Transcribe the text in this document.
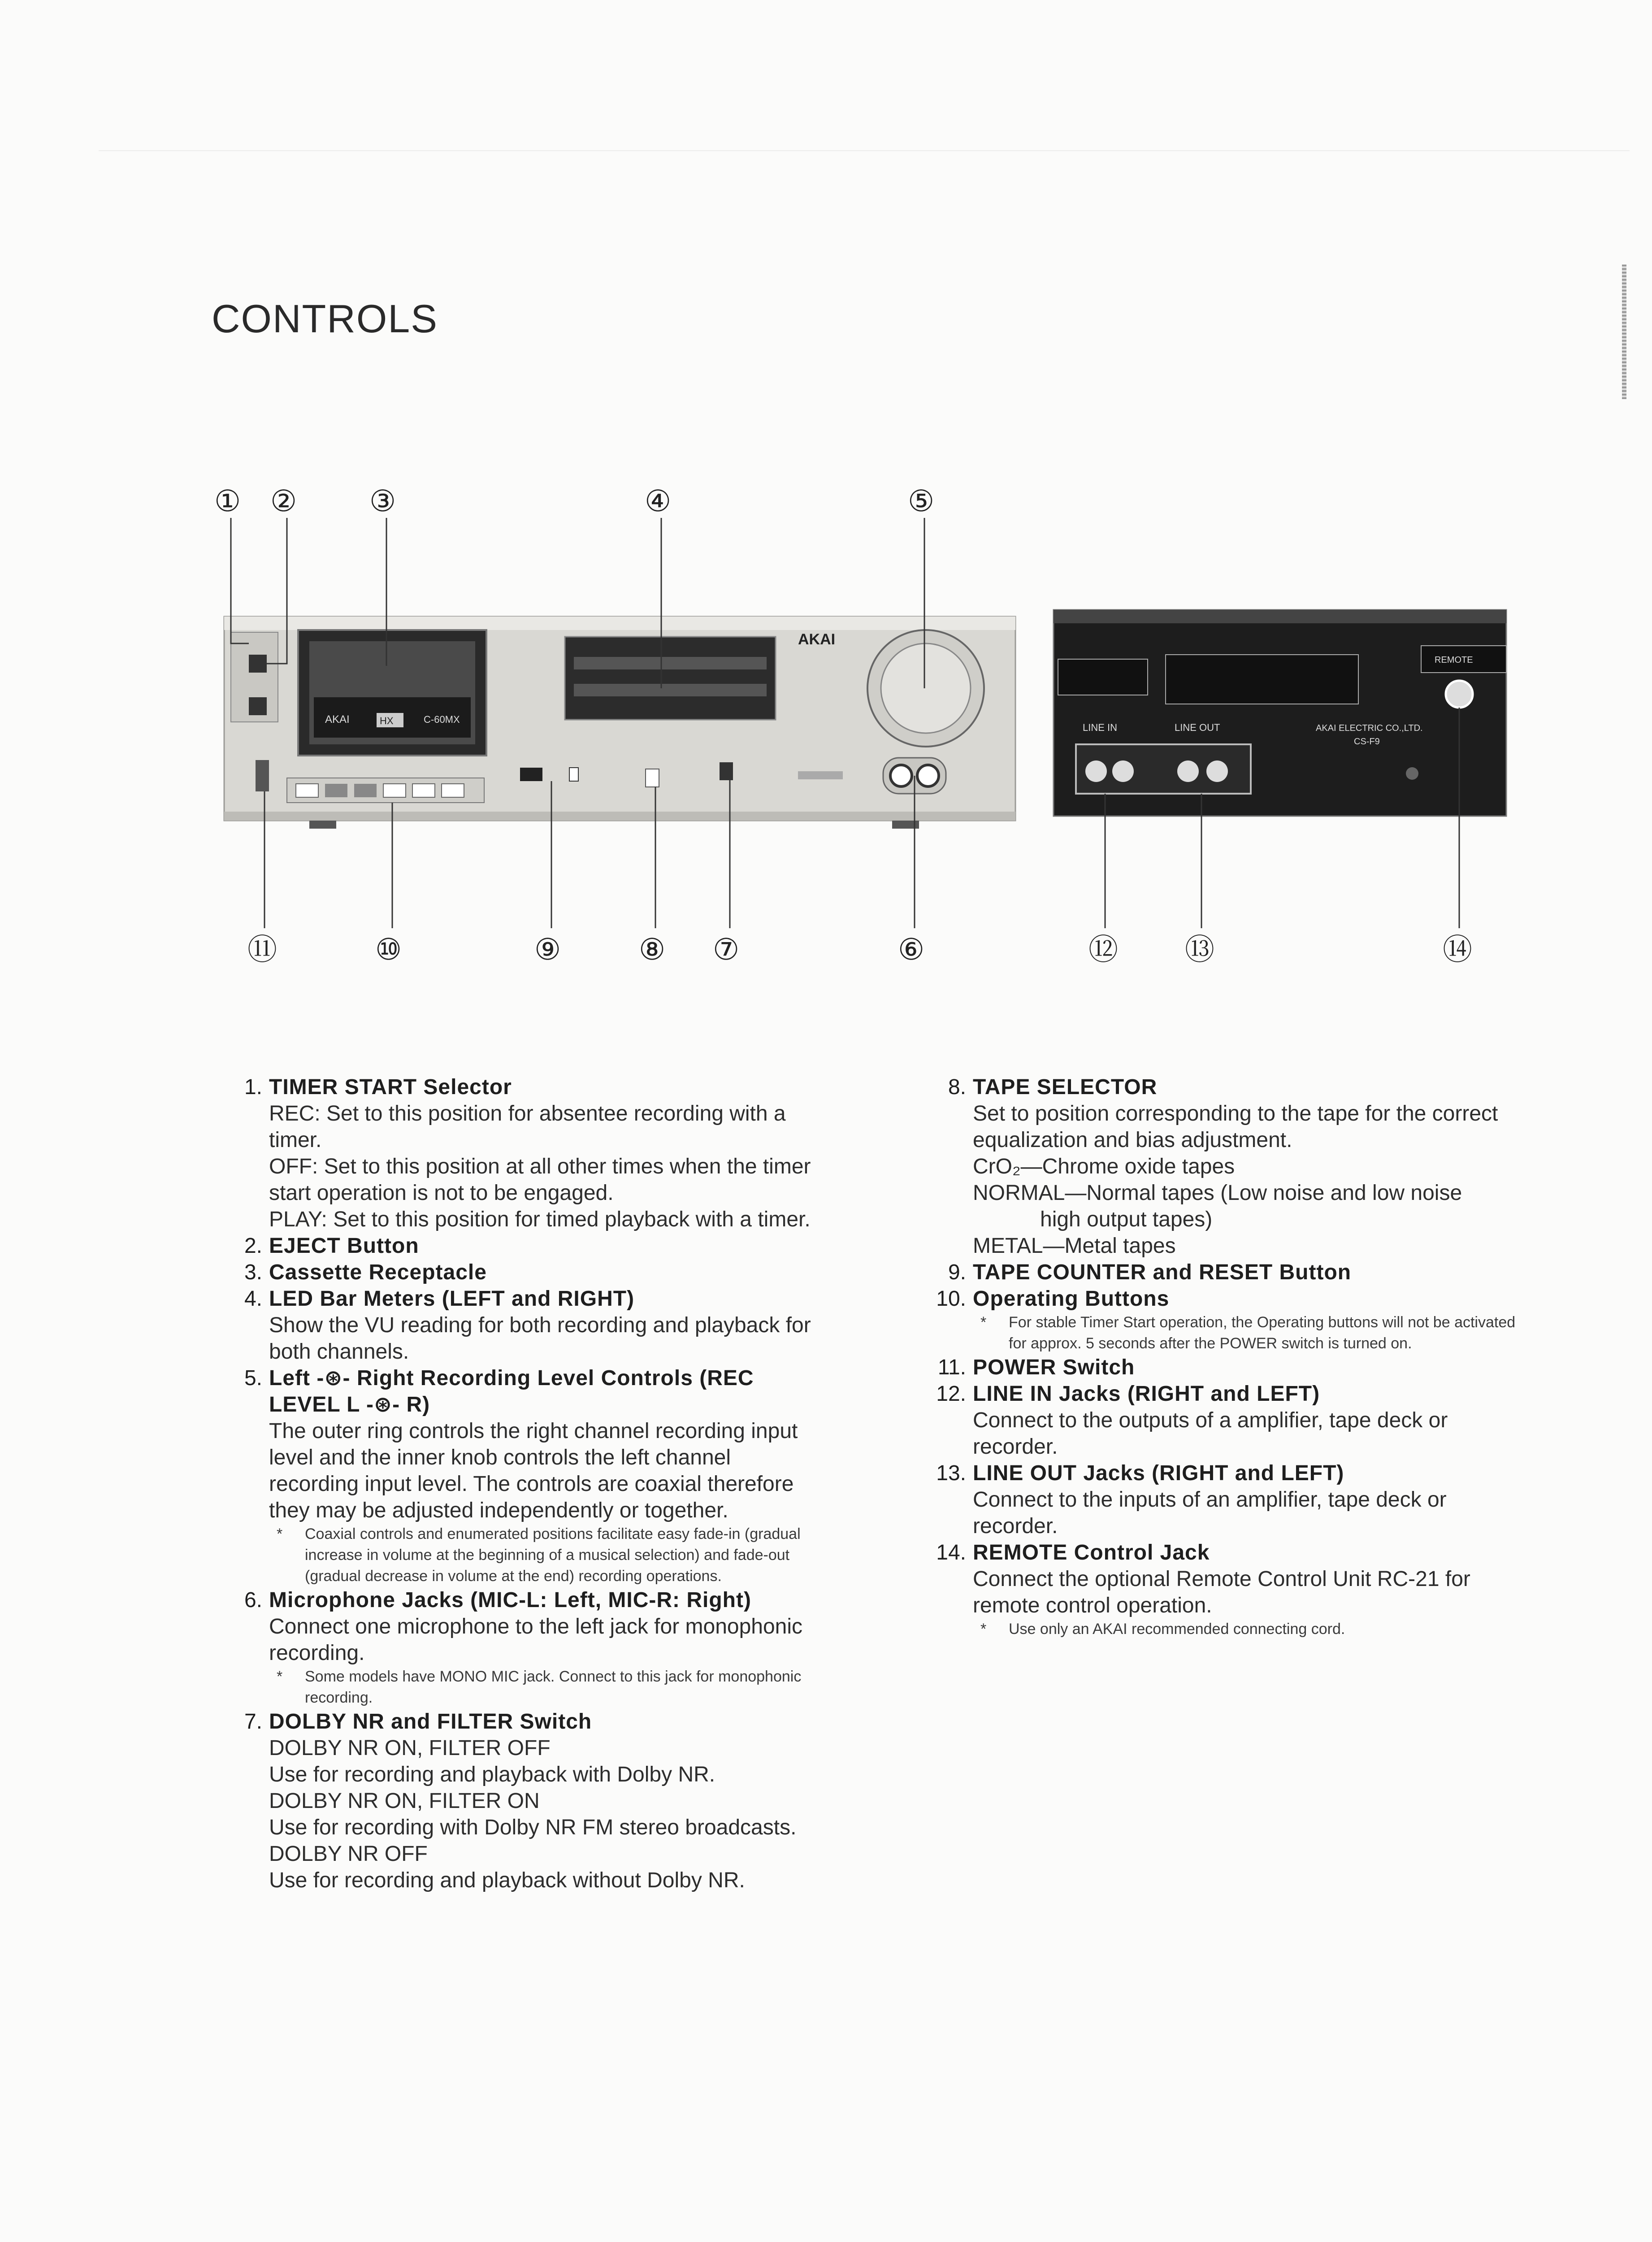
CONTROLS
AKAI	HX	C-60MX
AKAI
REMOTE
LINE IN	LINE OUT	AKAI ELECTRIC CO.,LTD.
CS-F9
① ② ③	④	⑤
⑥
⑦
⑧
⑨
⑩
⑪	⑫ ⑬	⑭
1. TIMER START Selector
REC: Set to this position for absentee recording with a timer.
OFF: Set to this position at all other times when the timer start operation is not to be engaged.
PLAY: Set to this position for timed playback with a timer.
2. EJECT Button
3. Cassette Receptacle
4. LED Bar Meters (LEFT and RIGHT)
Show the VU reading for both recording and playback for both channels.
5. Left -⊛- Right Recording Level Controls (REC LEVEL L -⊛- R)
The outer ring controls the right channel recording input level and the inner knob controls the left channel recording input level. The controls are coaxial therefore they may be adjusted independently or together.
* Coaxial controls and enumerated positions facilitate easy fade-in (gradual increase in volume at the beginning of a musical selection) and fade-out (gradual decrease in volume at the end) recording operations.
6. Microphone Jacks (MIC-L: Left, MIC-R: Right)
Connect one microphone to the left jack for monophonic recording.
* Some models have MONO MIC jack. Connect to this jack for monophonic recording.
7. DOLBY NR and FILTER Switch
DOLBY NR ON, FILTER OFF
Use for recording and playback with Dolby NR.
DOLBY NR ON, FILTER ON
Use for recording with Dolby NR FM stereo broadcasts.
DOLBY NR OFF
Use for recording and playback without Dolby NR.
8. TAPE SELECTOR
Set to position corresponding to the tape for the correct equalization and bias adjustment.
CrO₂—Chrome oxide tapes
NORMAL—Normal tapes (Low noise and low noise
high output tapes)
METAL—Metal tapes
9. TAPE COUNTER and RESET Button
10. Operating Buttons
* For stable Timer Start operation, the Operating buttons will not be activated for approx. 5 seconds after the POWER switch is turned on.
11. POWER Switch
12. LINE IN Jacks (RIGHT and LEFT)
Connect to the outputs of a amplifier, tape deck or recorder.
13. LINE OUT Jacks (RIGHT and LEFT)
Connect to the inputs of an amplifier, tape deck or recorder.
14. REMOTE Control Jack
Connect the optional Remote Control Unit RC-21 for remote control operation.
* Use only an AKAI recommended connecting cord.
